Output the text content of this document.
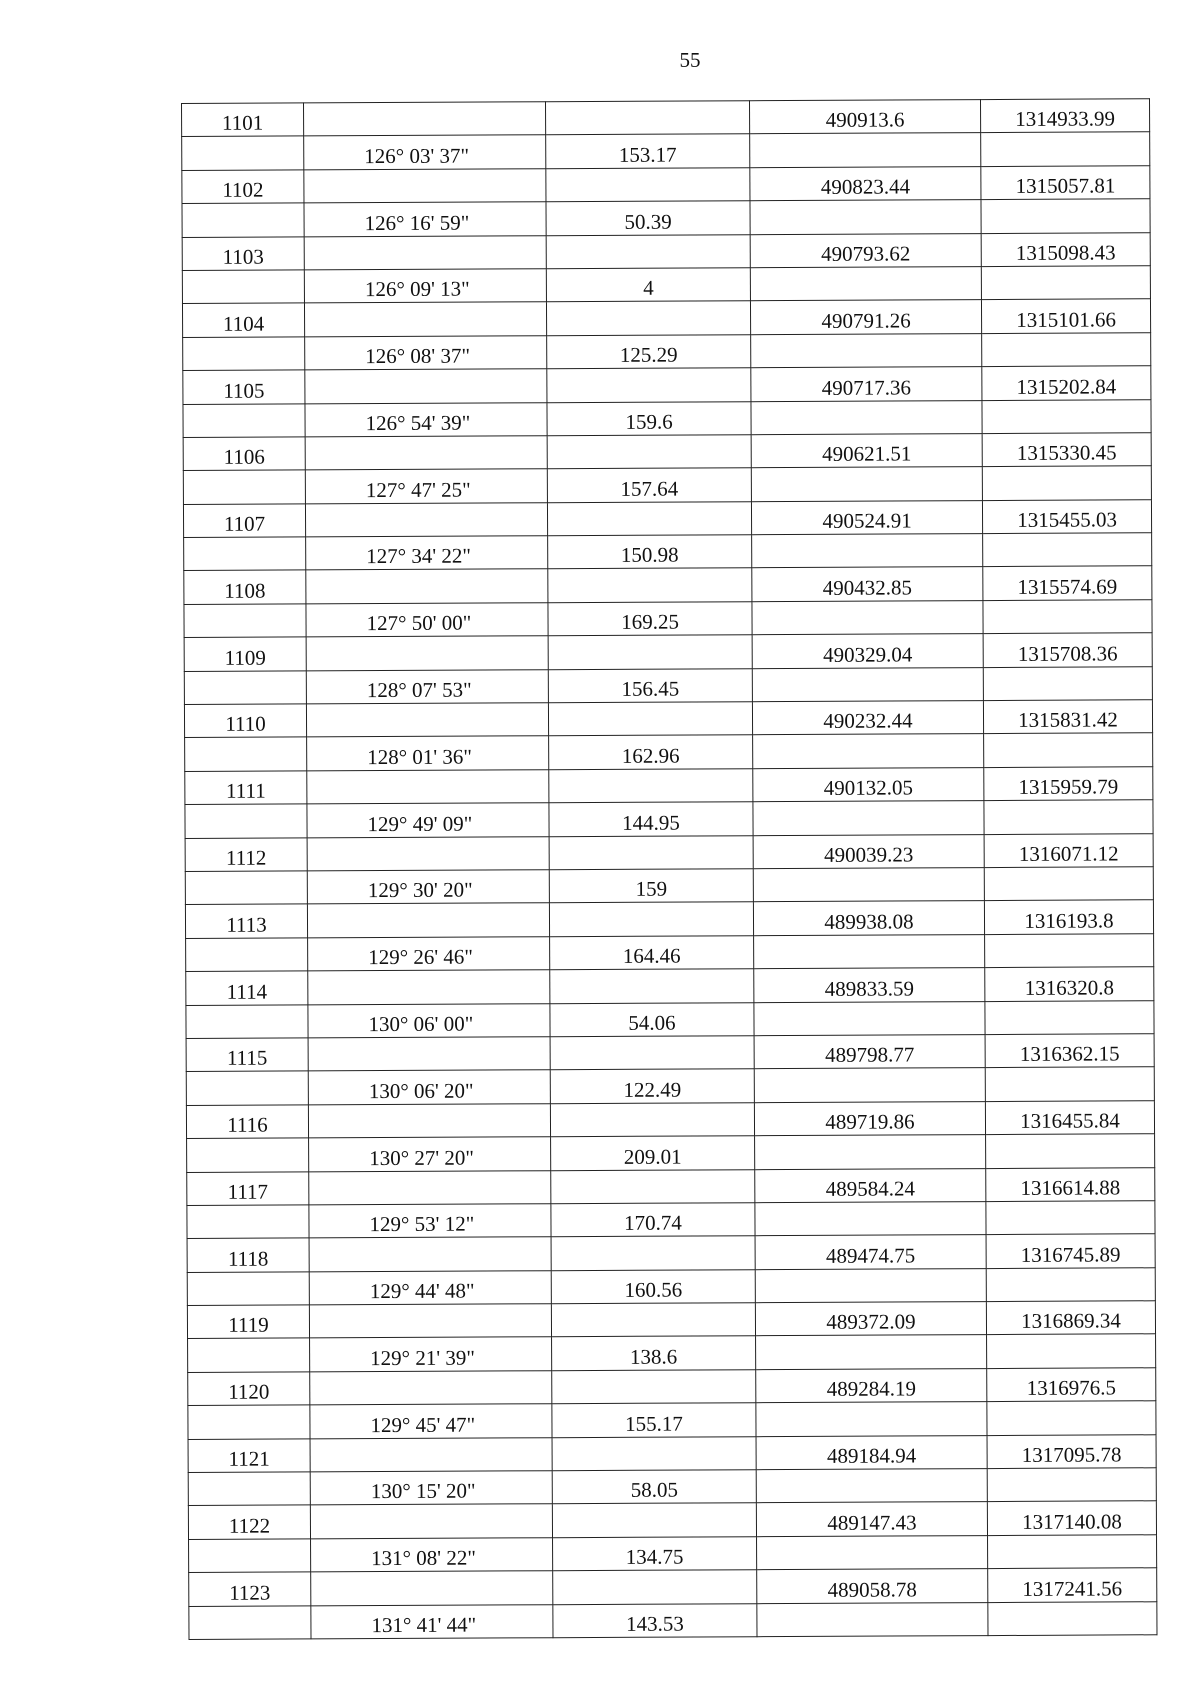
55
1101			490913.6	1314933.99
	126° 03' 37"	153.17		
1102			490823.44	1315057.81
	126° 16' 59"	50.39		
1103			490793.62	1315098.43
	126° 09' 13"	4		
1104			490791.26	1315101.66
	126° 08' 37"	125.29		
1105			490717.36	1315202.84
	126° 54' 39"	159.6		
1106			490621.51	1315330.45
	127° 47' 25"	157.64		
1107			490524.91	1315455.03
	127° 34' 22"	150.98		
1108			490432.85	1315574.69
	127° 50' 00"	169.25		
1109			490329.04	1315708.36
	128° 07' 53"	156.45		
1110			490232.44	1315831.42
	128° 01' 36"	162.96		
1111			490132.05	1315959.79
	129° 49' 09"	144.95		
1112			490039.23	1316071.12
	129° 30' 20"	159		
1113			489938.08	1316193.8
	129° 26' 46"	164.46		
1114			489833.59	1316320.8
	130° 06' 00"	54.06		
1115			489798.77	1316362.15
	130° 06' 20"	122.49		
1116			489719.86	1316455.84
	130° 27' 20"	209.01		
1117			489584.24	1316614.88
	129° 53' 12"	170.74		
1118			489474.75	1316745.89
	129° 44' 48"	160.56		
1119			489372.09	1316869.34
	129° 21' 39"	138.6		
1120			489284.19	1316976.5
	129° 45' 47"	155.17		
1121			489184.94	1317095.78
	130° 15' 20"	58.05		
1122			489147.43	1317140.08
	131° 08' 22"	134.75		
1123			489058.78	1317241.56
	131° 41' 44"	143.53		
